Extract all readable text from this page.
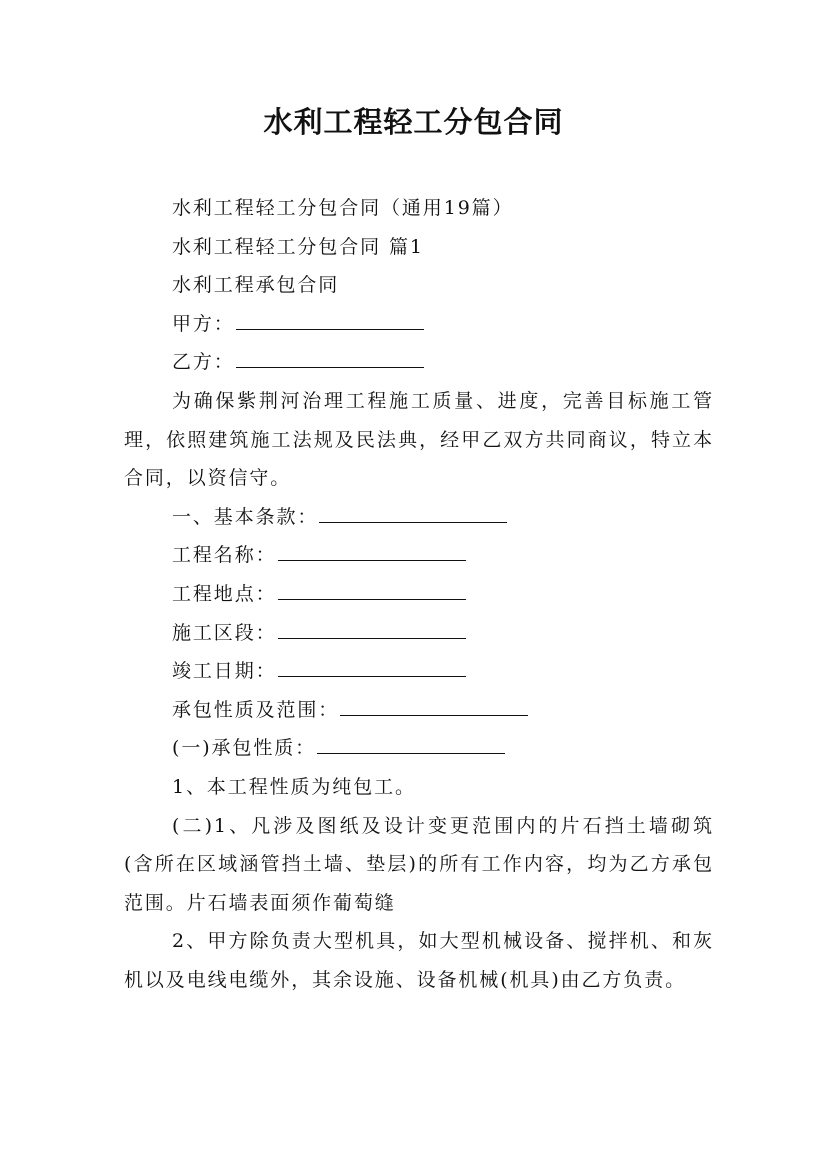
水利工程轻工分包合同

水利工程轻工分包合同（通用19篇）

水利工程轻工分包合同 篇1

水利工程承包合同

甲方：

乙方：

为确保紫荆河治理工程施工质量、进度，完善目标施工管理，依照建筑施工法规及民法典，经甲乙双方共同商议，特立本合同，以资信守。

一、基本条款：

工程名称：

工程地点：

施工区段：

竣工日期：

承包性质及范围：

(一)承包性质：

1、本工程性质为纯包工。

(二)1、凡涉及图纸及设计变更范围内的片石挡土墙砌筑(含所在区域涵管挡土墙、垫层)的所有工作内容，均为乙方承包范围。片石墙表面须作葡萄缝

2、甲方除负责大型机具，如大型机械设备、搅拌机、和灰机以及电线电缆外，其余设施、设备机械(机具)由乙方负责。
